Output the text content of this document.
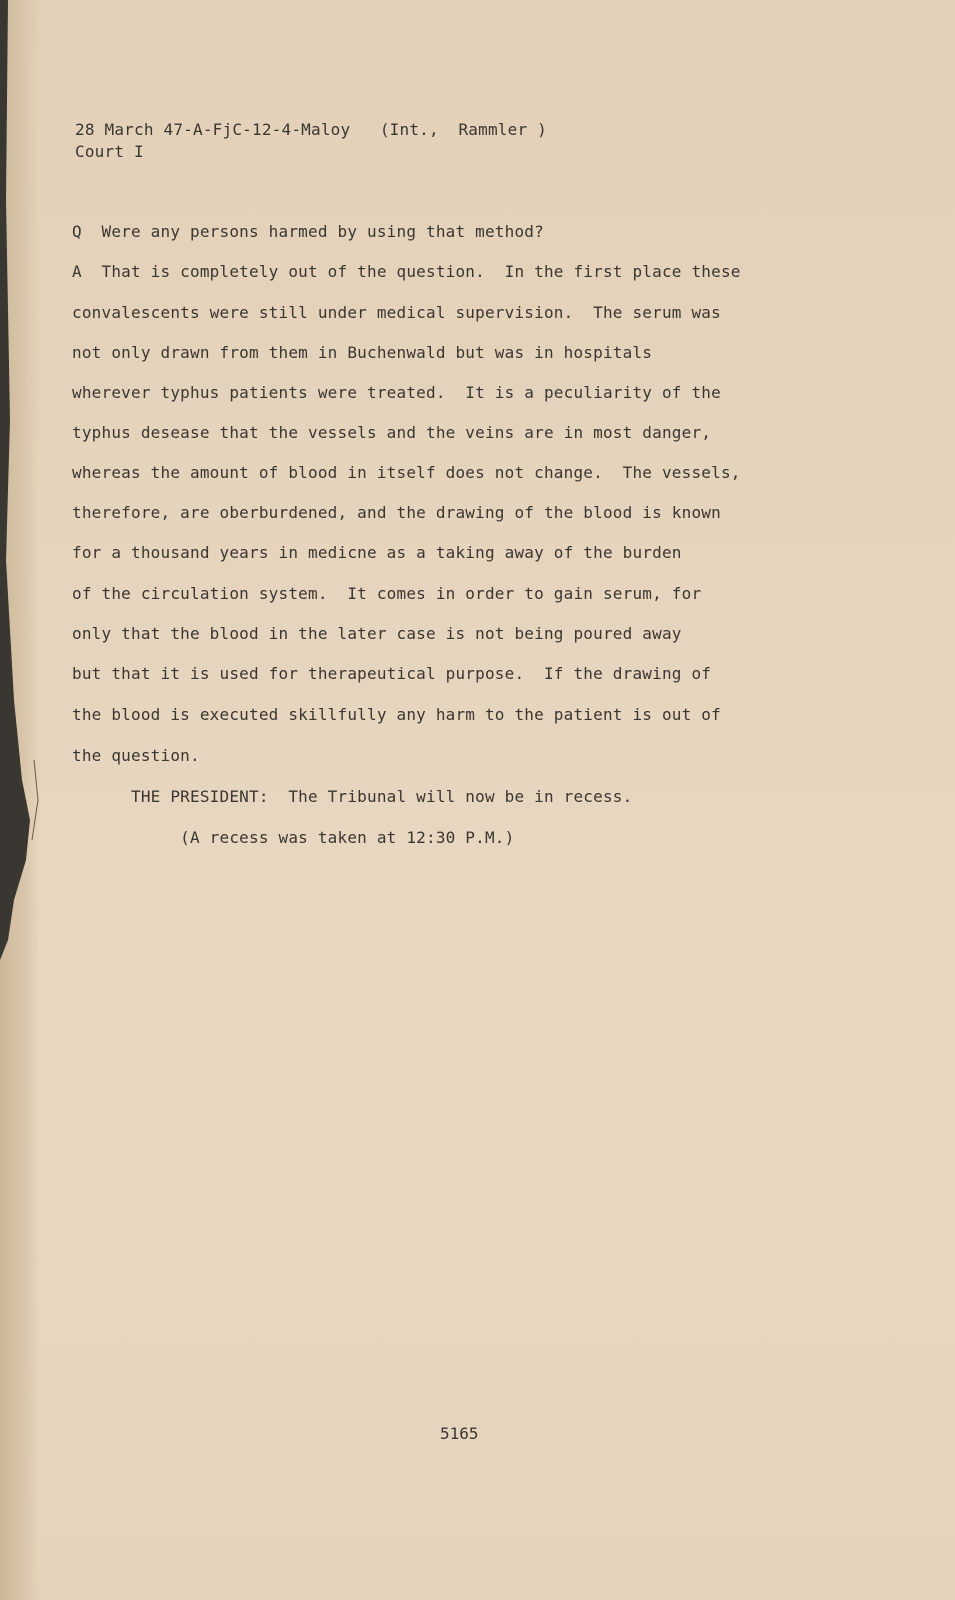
28 March 47-A-FjC-12-4-Maloy   (Int.,  Rammler )
Court I
Q  Were any persons harmed by using that method?
A  That is completely out of the question.  In the first place these
convalescents were still under medical supervision.  The serum was
not only drawn from them in Buchenwald but was in hospitals
wherever typhus patients were treated.  It is a peculiarity of the
typhus desease that the vessels and the veins are in most danger,
whereas the amount of blood in itself does not change.  The vessels,
therefore, are oberburdened, and the drawing of the blood is known
for a thousand years in medicne as a taking away of the burden
of the circulation system.  It comes in order to gain serum, for
only that the blood in the later case is not being poured away
but that it is used for therapeutical purpose.  If the drawing of
the blood is executed skillfully any harm to the patient is out of
the question.
THE PRESIDENT:  The Tribunal will now be in recess.
(A recess was taken at 12:30 P.M.)
5165
